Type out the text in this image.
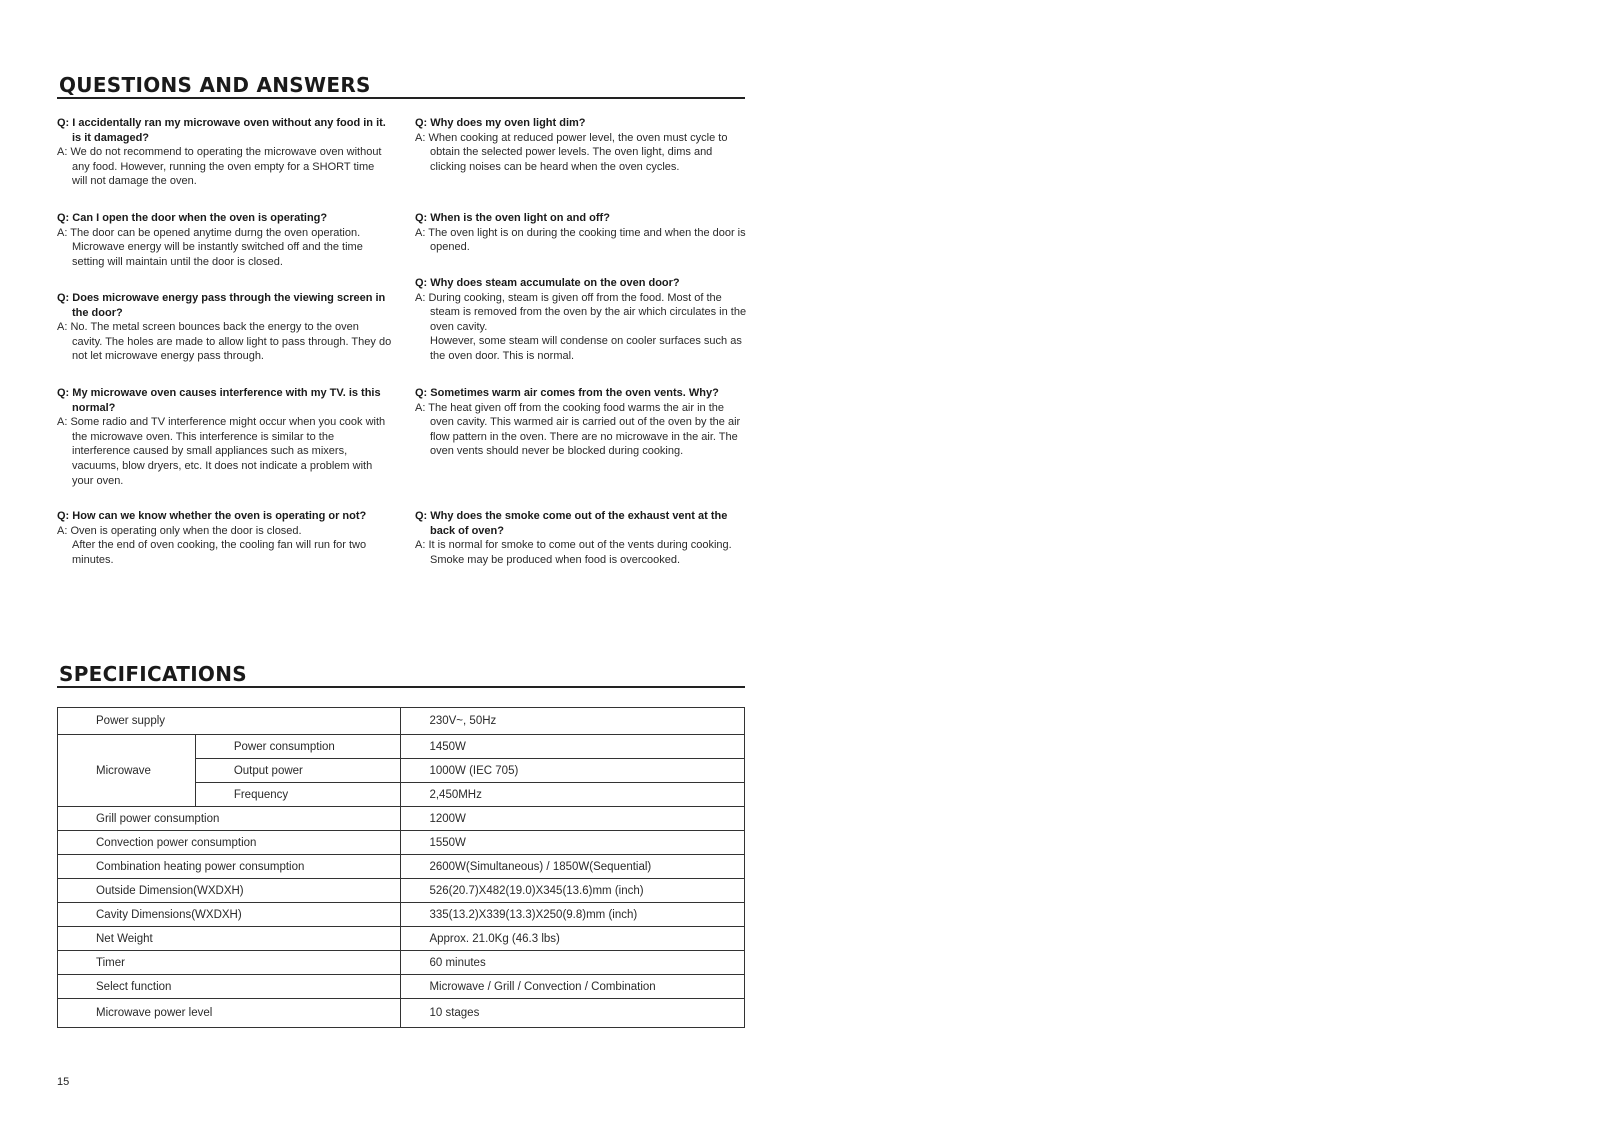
QUESTIONS AND ANSWERS

Q: I accidentally ran my microwave oven without any food in it. is it damaged?

A: We do not recommend to operating the microwave oven without any food. However, running the oven empty for a SHORT time will not damage the oven.

Q: Can I open the door when the oven is operating?

A: The door can be opened anytime durng the oven operation. Microwave energy will be instantly switched off and the time setting will maintain until the door is closed.

Q: Does microwave energy pass through the viewing screen in the door?

A: No. The metal screen bounces back the energy to the oven cavity. The holes are made to allow light to pass through. They do not let microwave energy pass through.

Q: My microwave oven causes interference with my TV. is this normal?

A: Some radio and TV interference might occur when you cook with the microwave oven. This interference is similar to the interference caused by small appliances such as mixers, vacuums, blow dryers, etc. It does not indicate a problem with your oven.

Q: How can we know whether the oven is operating or not?

A: Oven is operating only when the door is closed.

After the end of oven cooking, the cooling fan will run for two minutes.

Q: Why does my oven light dim?

A: When cooking at reduced power level, the oven must cycle to obtain the selected power levels. The oven light, dims and clicking noises can be heard when the oven cycles.

Q: When is the oven light on and off?

A: The oven light is on during the cooking time and when the door is opened.

Q: Why does steam accumulate on the oven door?

A: During cooking, steam is given off from the food. Most of the steam is removed from the oven by the air which circulates in the oven cavity.

However, some steam will condense on cooler surfaces such as the oven door. This is normal.

Q: Sometimes warm air comes from the oven vents. Why?

A: The heat given off from the cooking food warms the air in the oven cavity. This warmed air is carried out of the oven by the air flow pattern in the oven. There are no microwave in the air. The oven vents should never be blocked during cooking.

Q: Why does the smoke come out of the exhaust vent at the back of oven?

A: It is normal for smoke to come out of the vents during cooking. Smoke may be produced when food is overcooked.

SPECIFICATIONS
Power supply		230V~, 50Hz
Microwave	Power consumption	1450W
	Output power	1000W (IEC 705)
	Frequency	2,450MHz
Grill power consumption		1200W
Convection power consumption		1550W
Combination heating power consumption		2600W(Simultaneous) / 1850W(Sequential)
Outside Dimension(WXDXH)		526(20.7)X482(19.0)X345(13.6)mm (inch)
Cavity Dimensions(WXDXH)		335(13.2)X339(13.3)X250(9.8)mm (inch)
Net Weight		Approx. 21.0Kg (46.3 lbs)
Timer		60 minutes
Select function		Microwave / Grill / Convection / Combination
Microwave power level		10 stages
15
